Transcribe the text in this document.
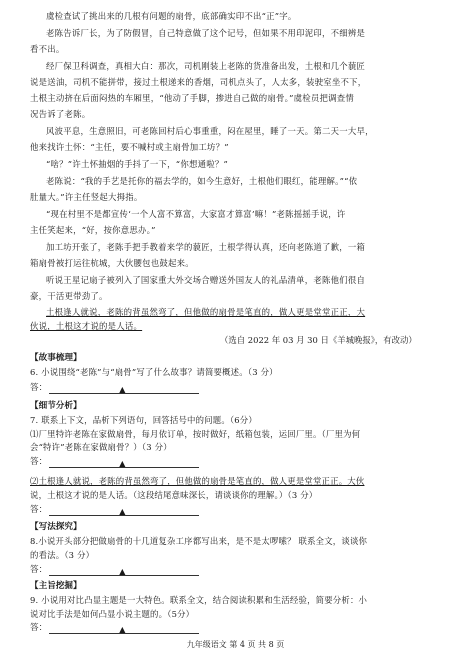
虞检查试了挑出来的几根有问题的扇骨，底部确实印不出“正”字。
老陈告诉厂长，为了防假冒，自己特意做了这个记号，但如果不用印泥印，不细辨是
看不出。
经厂保卫科调查，真相大白：那次，司机刚装上老陈的货准备出发，土根和几个藐匠
说是送油，司机不能拼带，接过土根递来的香烟，司机点头了，人太多，装驶室坐不下，
土根主动挤在后面闷热的车厢里，“他动了手脚，掺进自己做的扇骨。”虞检员把调查情
况告诉了老陈。
风波平息，生意照旧，可老陈回村后心事重重，闷在屋里，睡了一天。第二天一大早，
他来找许土怀：“主任，要不喊村或主扇骨加工坊？”
“啥？”许土怀抽烟的手抖了一下，“你想通啦？”
老陈说：“我的手艺是托你的福去学的，如今生意好，土根他们眼红，能理解。”“依
肚量大。”许主任竖起大拇指。
“现在村里不是都宣传‘一个人富不算富，大家富才算富’嘛！”老陈摇摇手说，许
主任笑起来，“好，按你意思办。”
加工坊开张了，老陈手把手教着来学的藐匠，土根学得认真，还向老陈道了歉，一箱
箱扇骨被打运往杭城，大伙腰包也鼓起来。
听说王星记扇子被列入了国家重大外交场合赠送外国友人的礼品清单，老陈他们很自
豪，干活更带劲了。
土根逢人就说，老陈的背虽然弯了，但他做的扇骨是笔直的，做人更是堂堂正正，大
伙说，土根这才说的是人话。
（选自 2022 年 03 月 30 日《羊城晚报》，有改动）
【故事梳理】
6. 小说围绕“老陈”与“扇骨”写了什么故事？请简要概述。（3 分）
答：	▲
【细节分析】
7. 联系上下文，品析下列语句，回答括号中的问题。（6分）
⑴厂里特许老陈在家做扇骨，每月依订单，按时做好，纸箱包装，运回厂里。（厂里为何
会“特许”老陈在家做扇骨？）（3 分）
答：	▲
⑵土根逢人就说，老陈的背虽然弯了，但他做的扇骨是笔直的，做人更是堂堂正正。大伙
说，土根这才说的是人话。（这段结尾意味深长，请谈谈你的理解。）（3 分）
答：	▲
【写法探究】
8.小说开头部分把做扇骨的十几道复杂工序都写出来，是不是太啰嗦？ 联系全文，谈谈你
的看法。（3 分）
答：	▲
【主旨挖掘】
9. 小说用对比凸显主题是一大特色。联系全文，结合阅读积累和生活经验，简要分析：小
说对比手法是如何凸显小说主题的。（5分）
答：	▲
九年级语文 第 4 页 共 8 页
